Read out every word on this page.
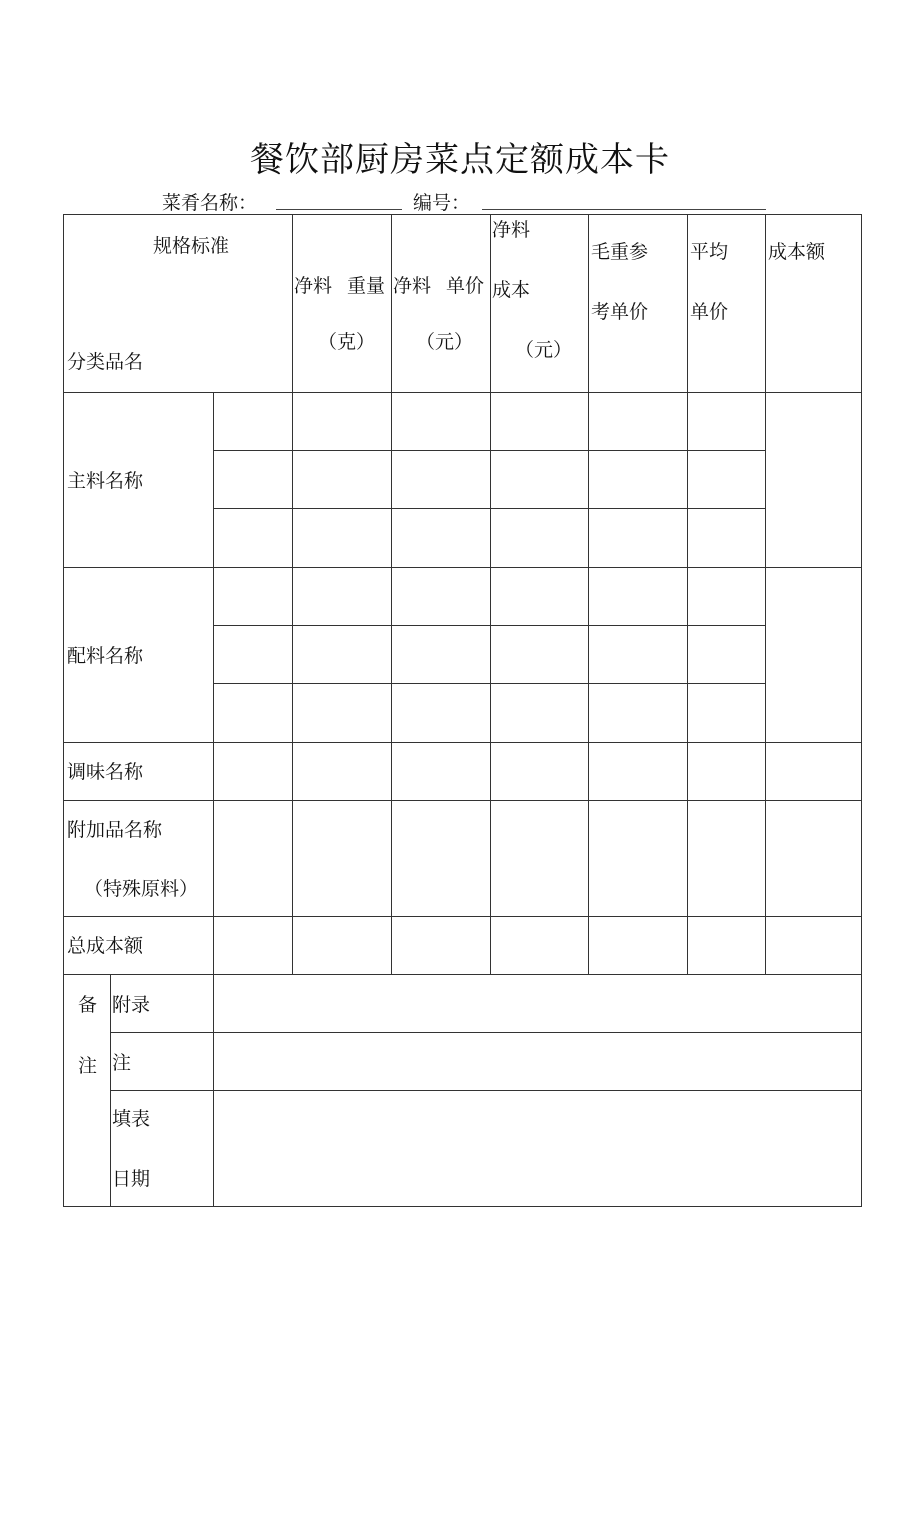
餐饮部厨房菜点定额成本卡
菜肴名称：	编号：
规格标准
分类品名
净料 重量
（克）
净料 单价
（元）
净料
成本
（元）
毛重参
考单价
平均
单价
成本额
主料名称
配料名称
调味名称
附加品名称
（特殊原料）
总成本额
备
注
附录
注
填表
日期
